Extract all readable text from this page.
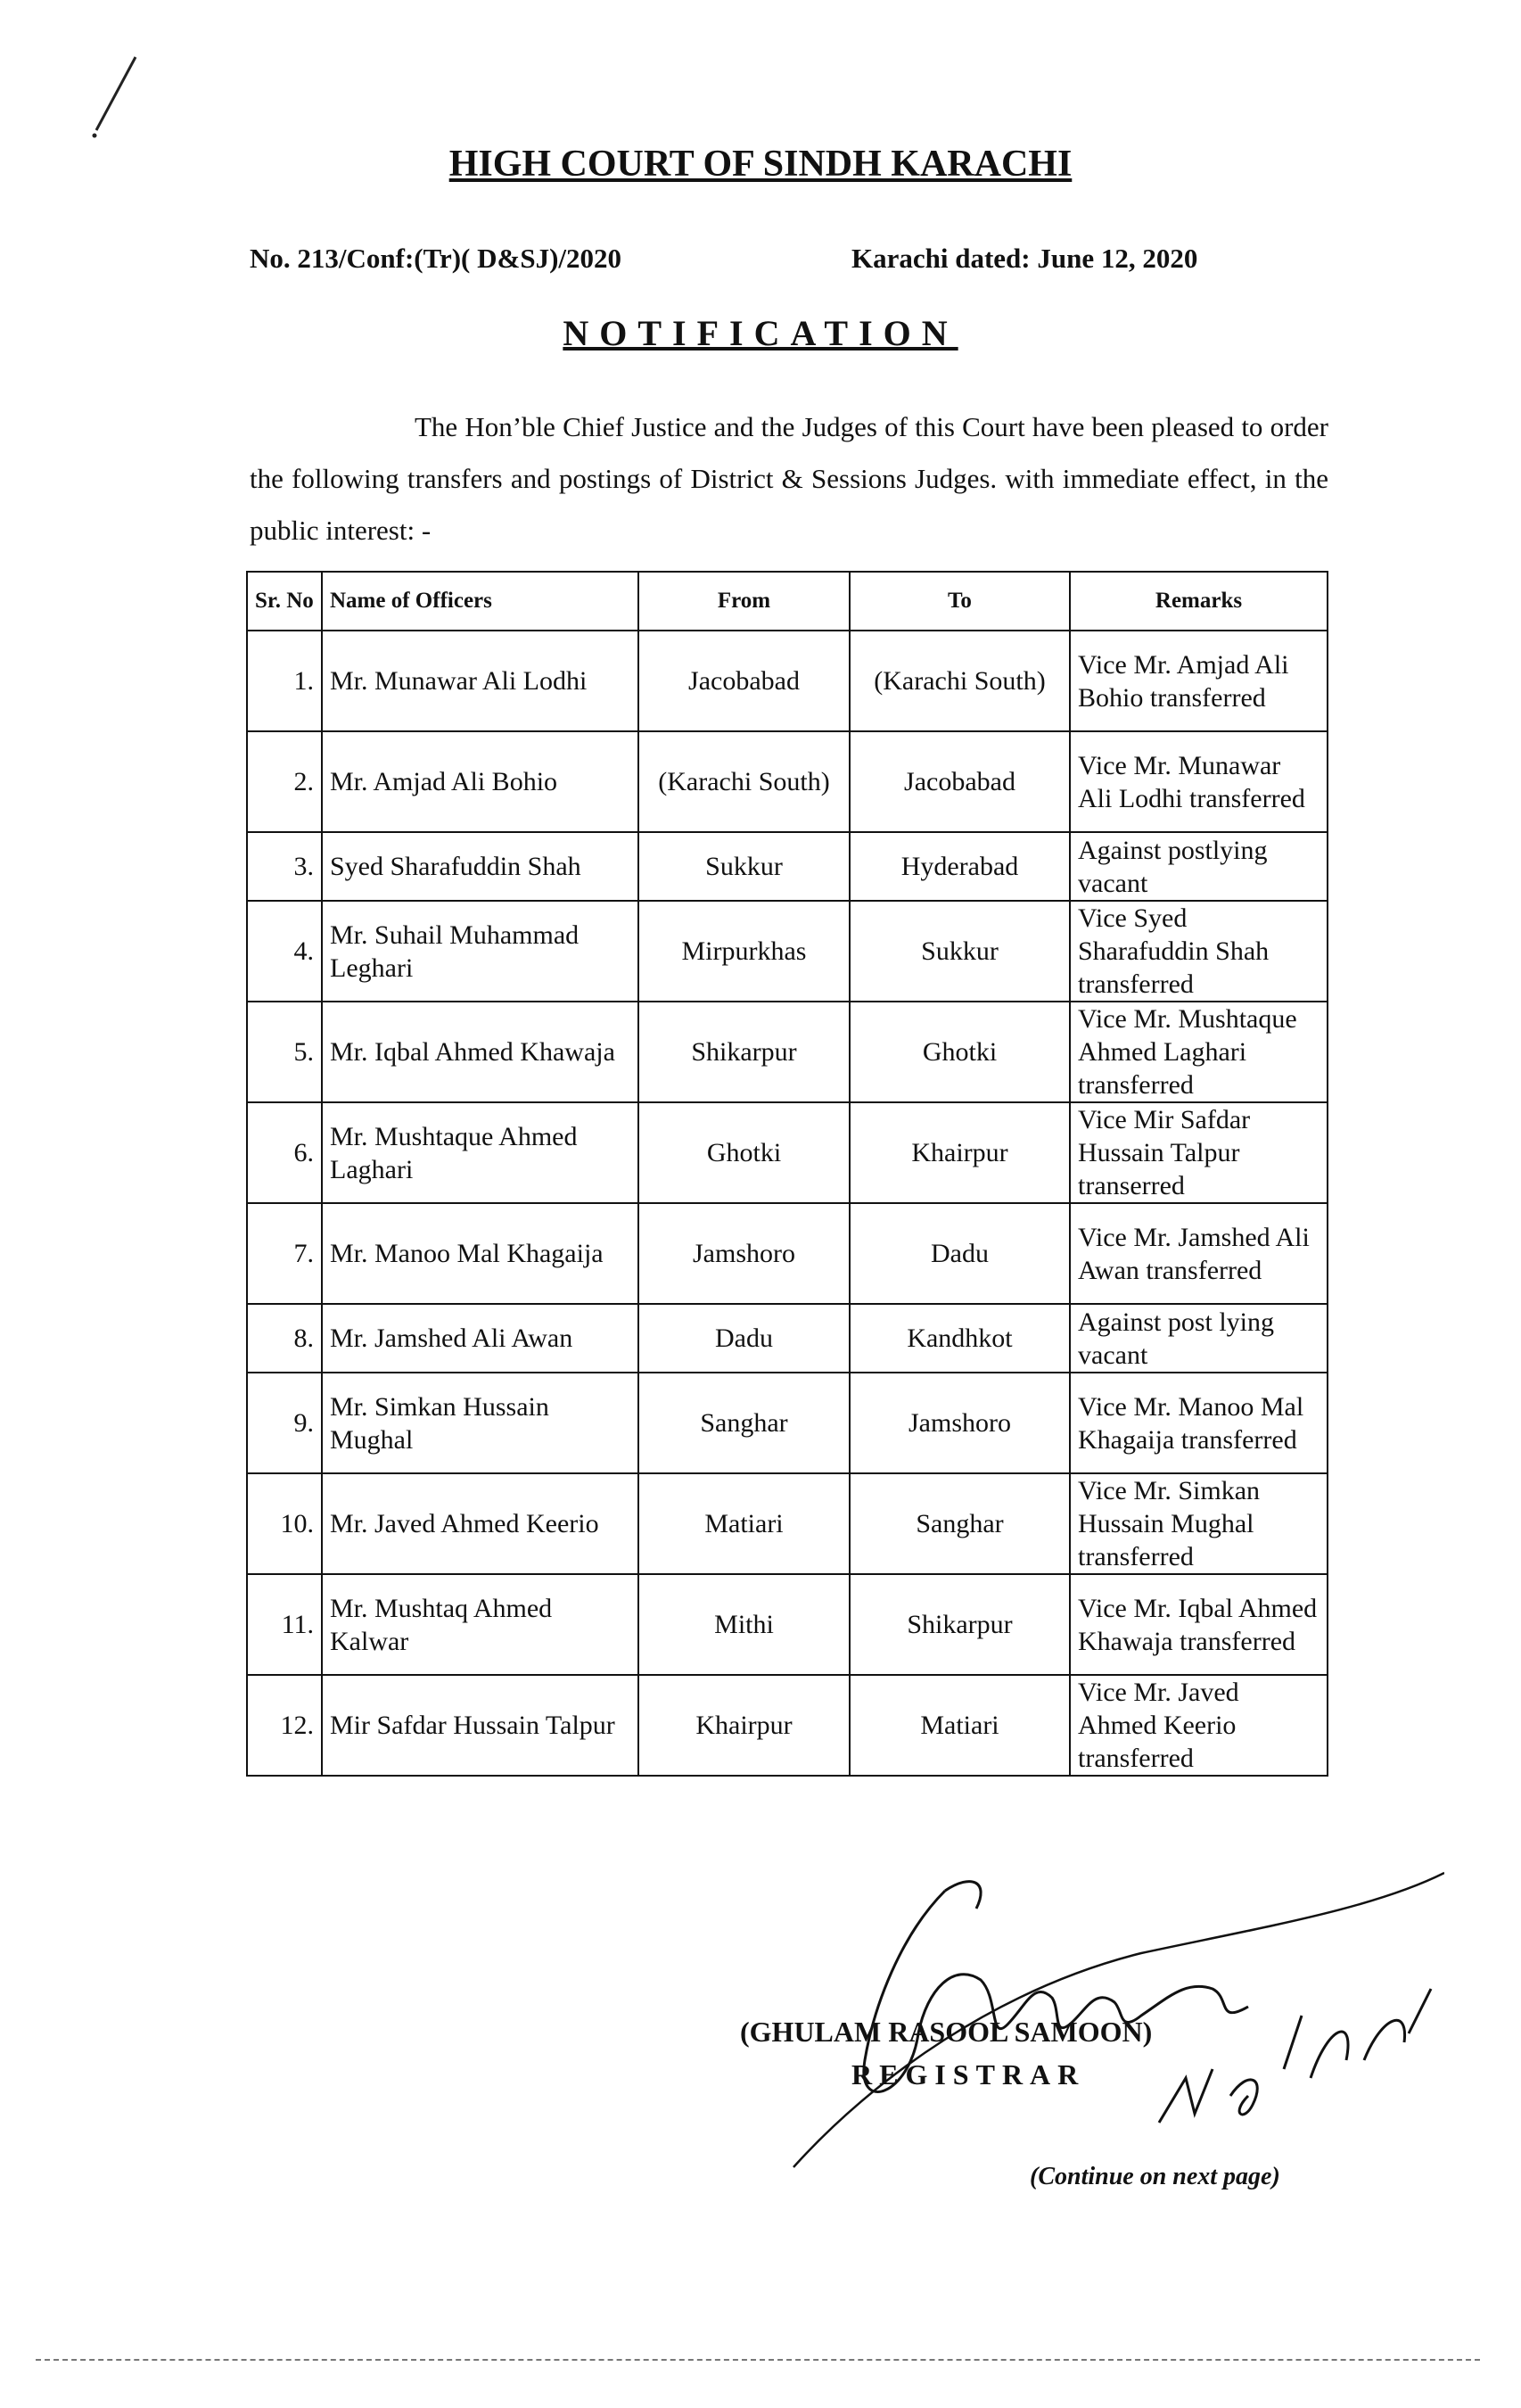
HIGH COURT OF SINDH KARACHI
No. 213/Conf:(Tr)( D&SJ)/2020	Karachi dated: June 12, 2020
NOTIFICATION
The Hon’ble Chief Justice and the Judges of this Court have been pleased to order the following transfers and postings of District & Sessions Judges. with immediate effect, in the public interest: -
Sr. No	Name of Officers	From	To	Remarks
1.	Mr. Munawar Ali Lodhi	Jacobabad	(Karachi South)	Vice Mr. Amjad Ali Bohio transferred
2.	Mr. Amjad Ali Bohio	(Karachi South)	Jacobabad	Vice Mr. Munawar Ali Lodhi transferred
3.	Syed Sharafuddin Shah	Sukkur	Hyderabad	Against postlying vacant
4.	Mr. Suhail Muhammad Leghari	Mirpurkhas	Sukkur	Vice Syed Sharafuddin Shah transferred
5.	Mr. Iqbal Ahmed Khawaja	Shikarpur	Ghotki	Vice Mr. Mushtaque Ahmed Laghari transferred
6.	Mr. Mushtaque Ahmed Laghari	Ghotki	Khairpur	Vice Mir Safdar Hussain Talpur transerred
7.	Mr. Manoo Mal Khagaija	Jamshoro	Dadu	Vice Mr. Jamshed Ali Awan transferred
8.	Mr. Jamshed Ali Awan	Dadu	Kandhkot	Against post lying vacant
9.	Mr. Simkan Hussain Mughal	Sanghar	Jamshoro	Vice Mr. Manoo Mal Khagaija transferred
10.	Mr. Javed Ahmed Keerio	Matiari	Sanghar	Vice Mr. Simkan Hussain Mughal transferred
11.	Mr. Mushtaq Ahmed Kalwar	Mithi	Shikarpur	Vice Mr. Iqbal Ahmed Khawaja transferred
12.	Mir Safdar Hussain Talpur	Khairpur	Matiari	Vice Mr. Javed Ahmed Keerio transferred
(GHULAM RASOOL SAMOON)
REGISTRAR
(Continue on next page)
